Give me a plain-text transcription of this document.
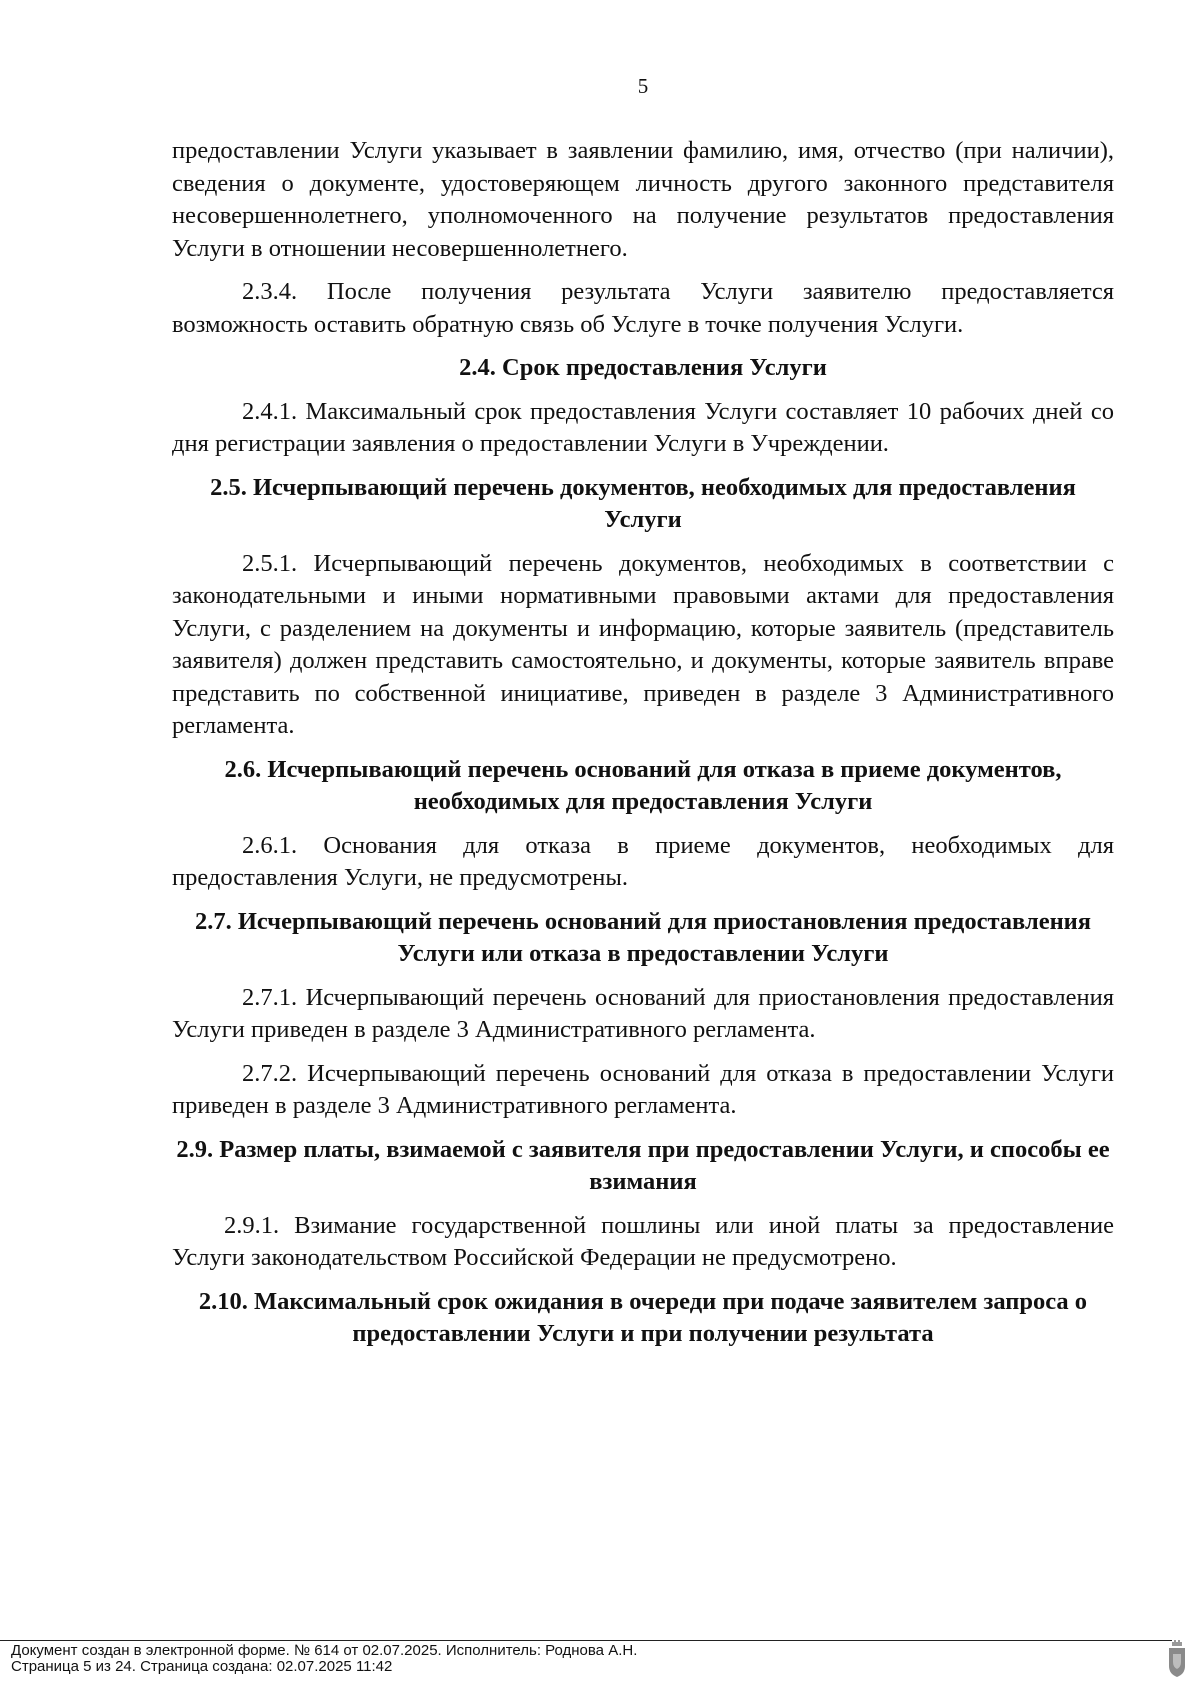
5
предоставлении Услуги указывает в заявлении фамилию, имя, отчество (при наличии), сведения о документе, удостоверяющем личность другого законного представителя несовершеннолетнего, уполномоченного на получение результатов предоставления Услуги в отношении несовершеннолетнего.
2.3.4. После получения результата Услуги заявителю предоставляется возможность оставить обратную связь об Услуге в точке получения Услуги.
2.4. Срок предоставления Услуги
2.4.1. Максимальный срок предоставления Услуги составляет 10 рабочих дней со дня регистрации заявления о предоставлении Услуги в Учреждении.
2.5. Исчерпывающий перечень документов, необходимых для предоставления Услуги
2.5.1. Исчерпывающий перечень документов, необходимых в соответствии с законодательными и иными нормативными правовыми актами для предоставления Услуги, с разделением на документы и информацию, которые заявитель (представитель заявителя) должен представить самостоятельно, и документы, которые заявитель вправе представить по собственной инициативе, приведен в разделе 3 Административного регламента.
2.6. Исчерпывающий перечень оснований для отказа в приеме документов, необходимых для предоставления Услуги
2.6.1. Основания для отказа в приеме документов, необходимых для предоставления Услуги, не предусмотрены.
2.7. Исчерпывающий перечень оснований для приостановления предоставления Услуги или отказа в предоставлении Услуги
2.7.1. Исчерпывающий перечень оснований для приостановления предоставления Услуги приведен в разделе 3 Административного регламента.
2.7.2. Исчерпывающий перечень оснований для отказа в предоставлении Услуги приведен в разделе 3 Административного регламента.
2.9. Размер платы, взимаемой с заявителя при предоставлении Услуги, и способы ее взимания
2.9.1. Взимание государственной пошлины или иной платы за предоставление Услуги законодательством Российской Федерации не предусмотрено.
2.10. Максимальный срок ожидания в очереди при подаче заявителем запроса о предоставлении Услуги и при получении результата
Документ создан в электронной форме. № 614 от 02.07.2025. Исполнитель: Роднова А.Н.
Страница 5 из 24. Страница создана: 02.07.2025 11:42
